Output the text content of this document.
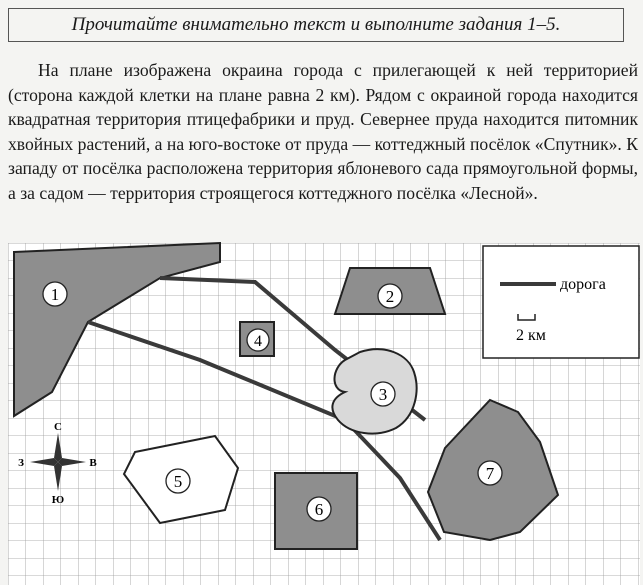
Прочитайте внимательно текст и выполните задания 1–5.

На плане изображена окраина города с прилегающей к ней территорией (сторона каждой клетки на плане равна 2 км). Рядом с окраиной города находится квадратная территория птицефабрики и пруд. Севернее пруда находится питомник хвойных растений, а на юго-востоке от пруда — коттеджный посёлок «Спутник». К западу от посёлка расположена территория яблоневого сада прямоугольной формы, а за садом — территория строящегося коттеджного посёлка «Лесной».

1	2
3
4
5
6
7
дорога
2 км
С
Ю
З	В
